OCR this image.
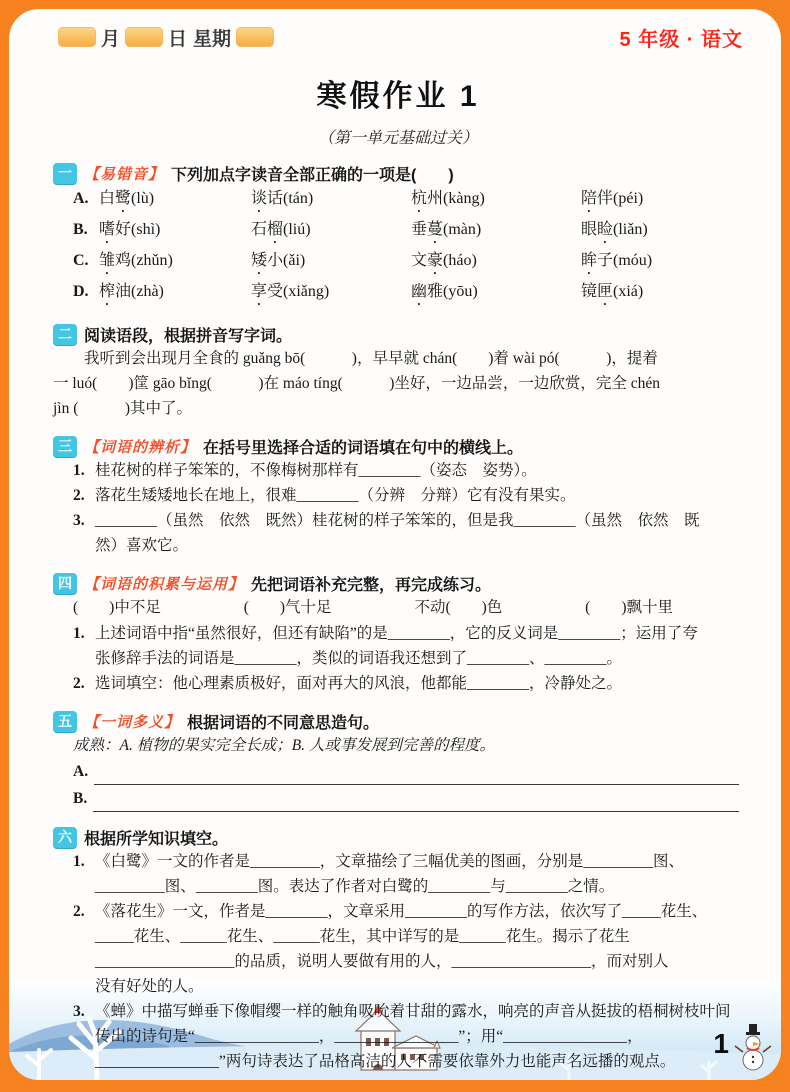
1
月	日 星期	5 年级 · 语文
寒假作业 1
（第一单元基础过关）
一 【易错音】 下列加点字读音全部正确的一项是(　　)
A. 白鹭(lù)	谈话(tán)	杭州(kàng)	陪伴(péi)
B. 嗜好(shì)	石榴(liú)	垂蔓(màn)	眼睑(liǎn)
C. 雏鸡(zhǔn)	矮小(ǎi)	文豪(háo)	眸子(móu)
D. 榨油(zhà)	享受(xiǎng)	幽雅(yōu)	镜匣(xiá)
二 阅读语段，根据拼音写字词。
我听到会出现月全食的 guǎng bō(　　　)，早早就 chán(　　)着 wài pó(　　　)，提着
一 luó(　　)筐 gāo bǐng(　　　)在 máo tíng(　　　)坐好，一边品尝，一边欣赏，完全 chén
jìn (　　　)其中了。
三 【词语的辨析】 在括号里选择合适的词语填在句中的横线上。
1. 桂花树的样子笨笨的，不像梅树那样有________（姿态　姿势）。
2. 落花生矮矮地长在地上，很难________（分辨　分辩）它有没有果实。
3. ________（虽然　依然　既然）桂花树的样子笨笨的，但是我________（虽然　依然　既
然）喜欢它。
四 【词语的积累与运用】 先把词语补充完整，再完成练习。
(　　)中不足	(　　)气十足	不动(　　)色	(　　)飘十里
1. 上述词语中指“虽然很好，但还有缺陷”的是________，它的反义词是________；运用了夸
张修辞手法的词语是________，类似的词语我还想到了________、________。
2. 选词填空：他心理素质极好，面对再大的风浪，他都能________，冷静处之。
五 【一词多义】 根据词语的不同意思造句。
成熟：A. 植物的果实完全长成；B. 人或事发展到完善的程度。
A.
B.
六 根据所学知识填空。
1. 《白鹭》一文的作者是_________，文章描绘了三幅优美的图画，分别是_________图、
_________图、________图。表达了作者对白鹭的________与________之情。
2. 《落花生》一文，作者是________，文章采用________的写作方法，依次写了_____花生、
_____花生、______花生、______花生，其中详写的是______花生。揭示了花生
__________________的品质，说明人要做有用的人，__________________，而对别人
没有好处的人。
3. 《蝉》中描写蝉垂下像帽缨一样的触角吸吮着甘甜的露水，响亮的声音从挺拔的梧桐树枝叶间
传出的诗句是“________________，________________”；用“________________，
________________”两句诗表达了品格高洁的人不需要依靠外力也能声名远播的观点。
